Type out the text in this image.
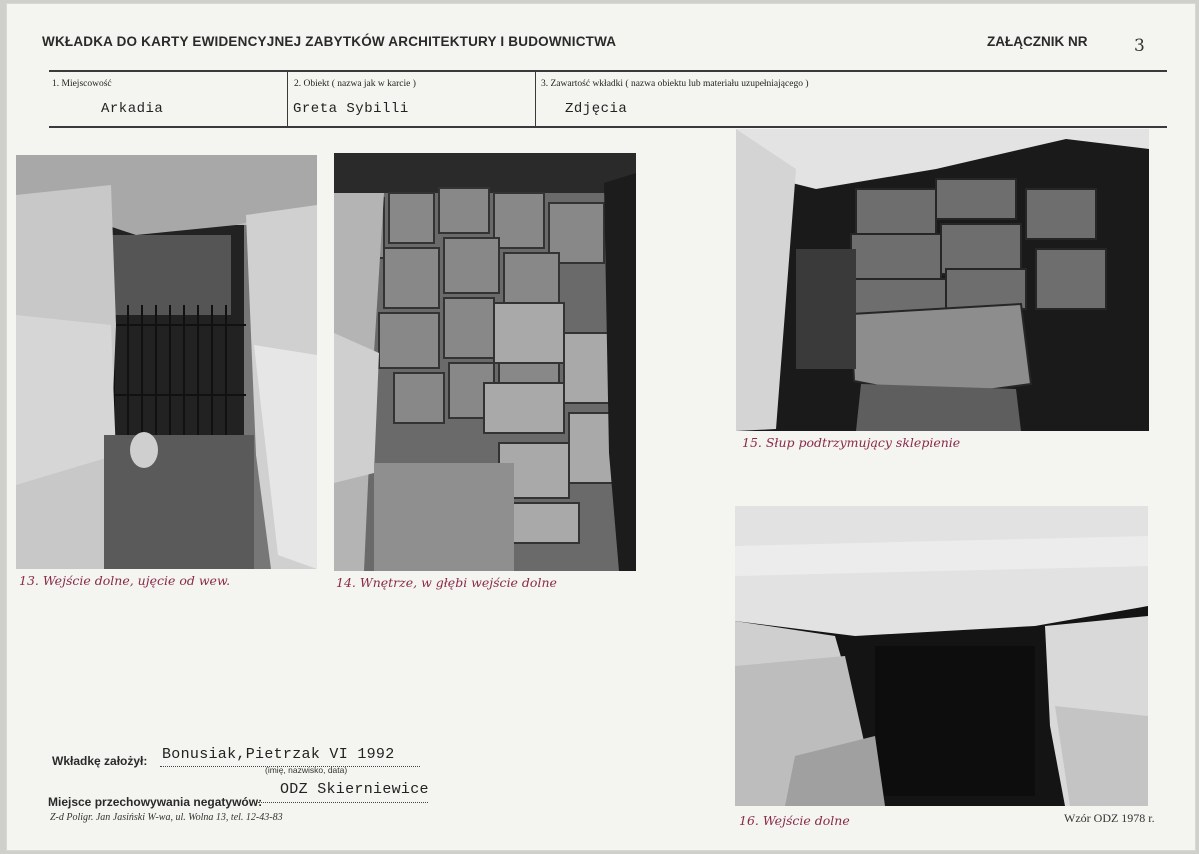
WKŁADKA DO KARTY EWIDENCYJNEJ ZABYTKÓW ARCHITEKTURY I BUDOWNICTWA	ZAŁĄCZNIK NR	3
1. Miejscowość
Arkadia
2. Obiekt ( nazwa jak w karcie )
Greta Sybilli
3. Zawartość wkładki ( nazwa obiektu lub materiału uzupełniającego )
Zdjęcia
13. Wejście dolne, ujęcie od wew.	14. Wnętrze, w głębi wejście dolne
15. Słup podtrzymujący sklepienie
16. Wejście dolne
Wkładkę założył: Bonusiak,Pietrzak VI 1992
(imię, nazwisko, data)
Miejsce przechowywania negatywów:
ODZ Skierniewice
Z-d Poligr. Jan Jasiński W-wa, ul. Wolna 13, tel. 12-43-83	Wzór ODZ 1978 r.
